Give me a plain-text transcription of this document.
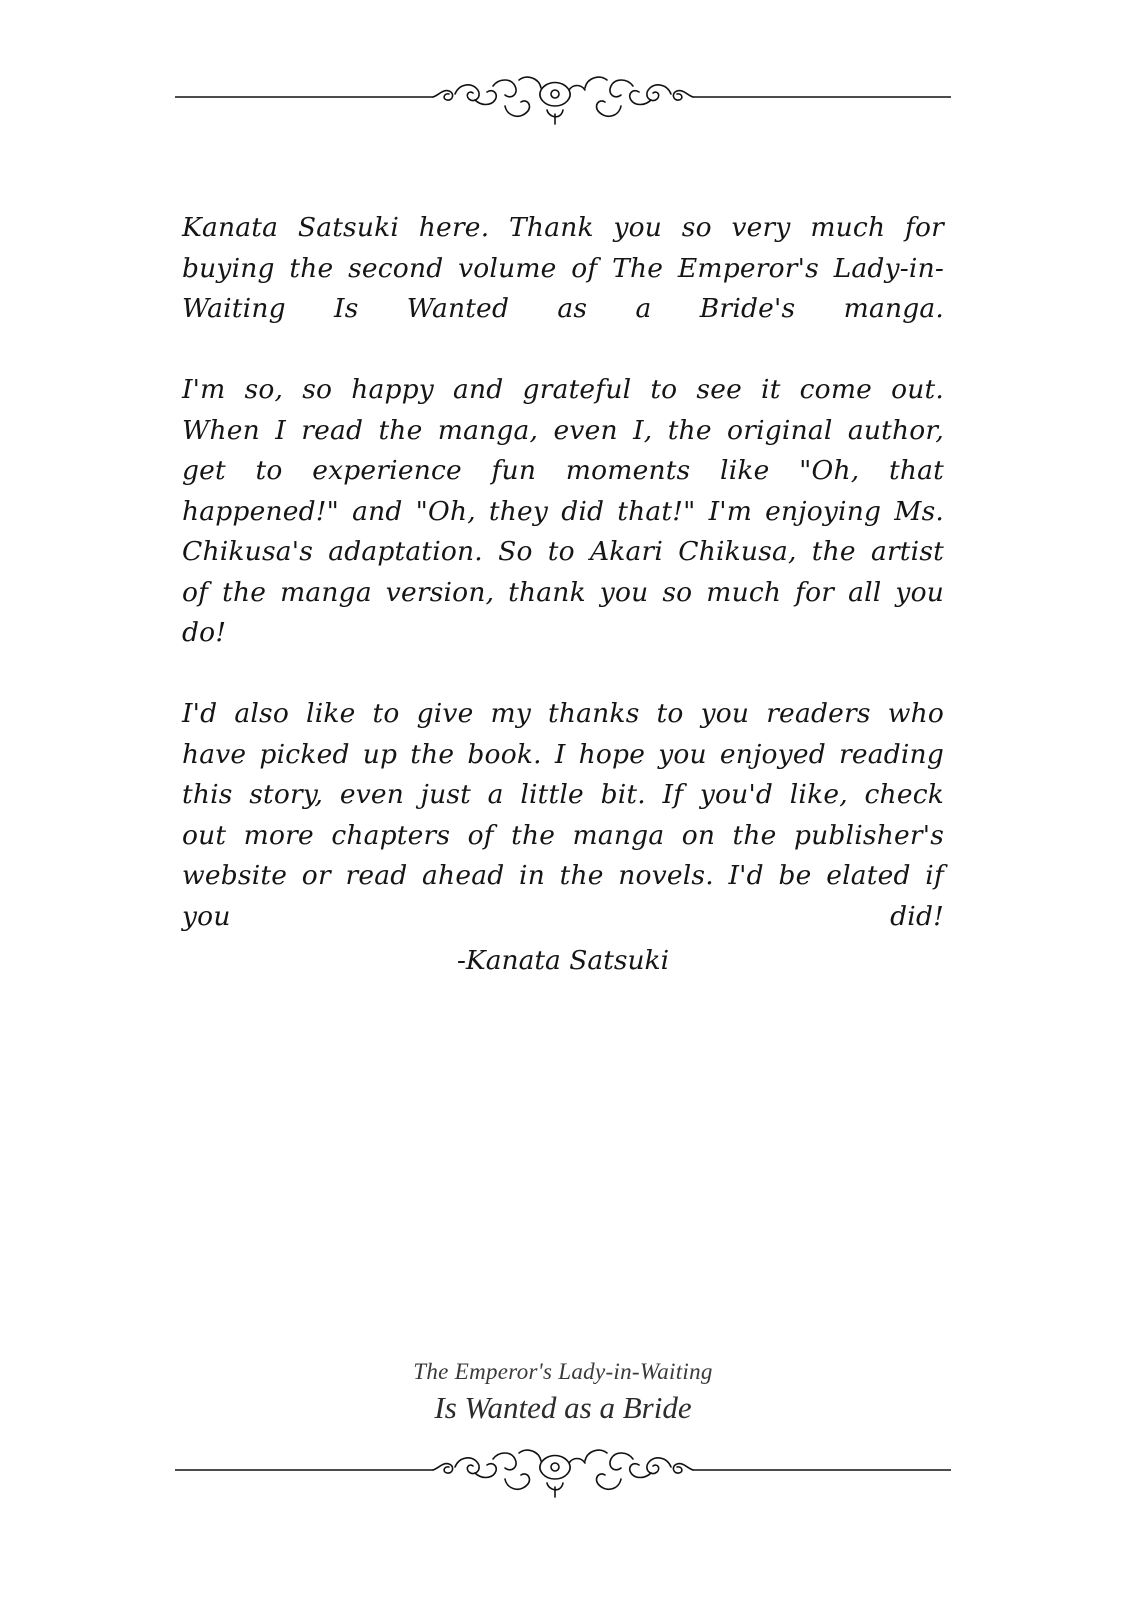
Kanata Satsuki here. Thank you so very much for buying the second volume of The Emperor's Lady-in-Waiting Is Wanted as a Bride's manga.

I'm so, so happy and grateful to see it come out. When I read the manga, even I, the original author, get to experience fun moments like "Oh, that happened!" and "Oh, they did that!" I'm enjoying Ms. Chikusa's adaptation. So to Akari Chikusa, the artist of the manga version, thank you so much for all you do!

I'd also like to give my thanks to you readers who have picked up the book. I hope you enjoyed reading this story, even just a little bit. If you'd like, check out more chapters of the manga on the publisher's website or read ahead in the novels. I'd be elated if you did!

-Kanata Satsuki
The Emperor's Lady-in-Waiting
Is Wanted as a Bride
